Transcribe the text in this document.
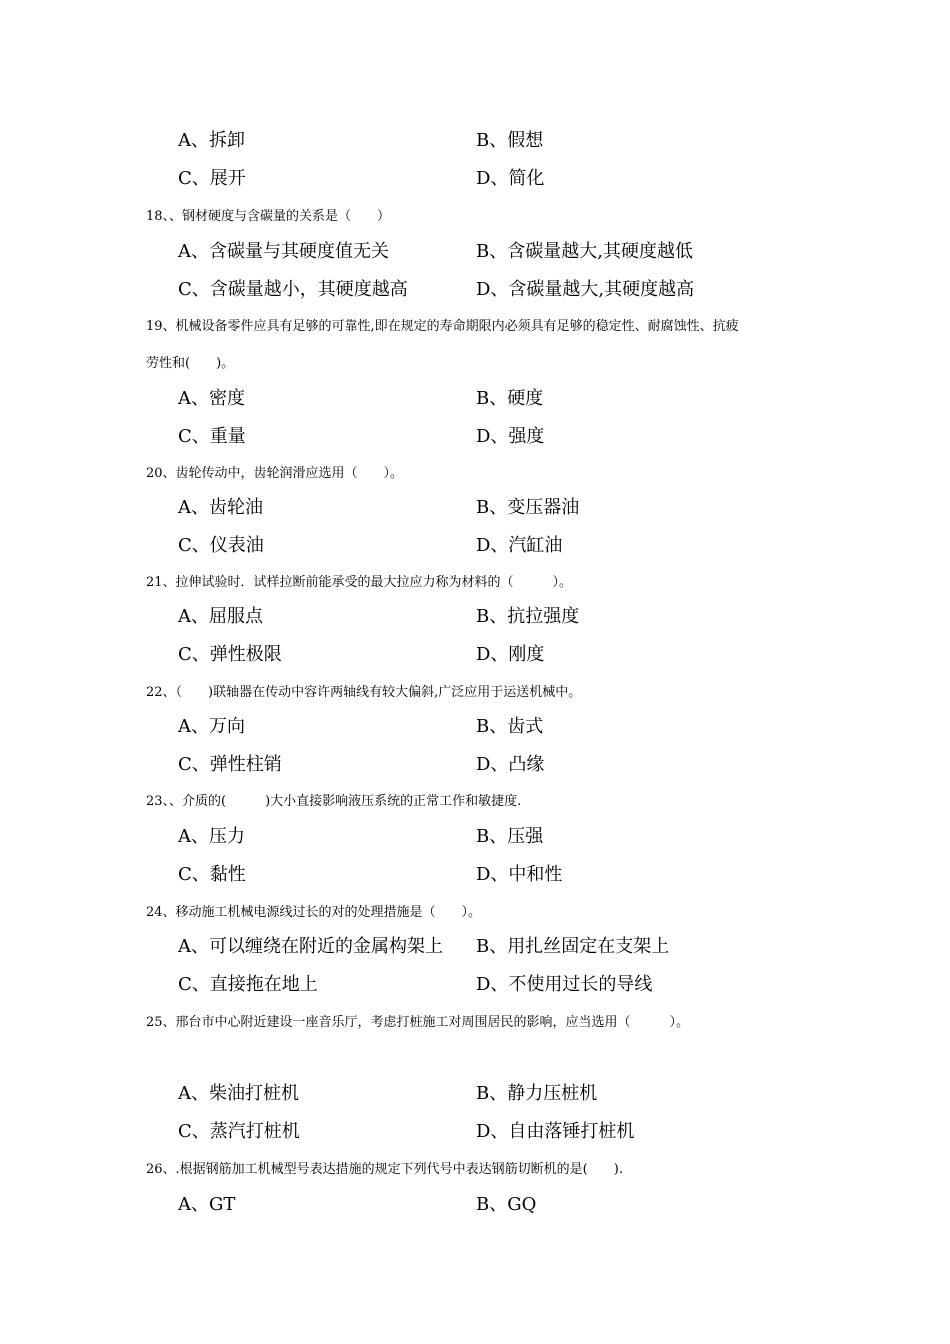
A、拆卸	B、假想
C、展开	D、简化
18、、钢材硬度与含碳量的关系是（　　）
A、含碳量与其硬度值无关	B、含碳量越大,其硬度越低
C、含碳量越小，其硬度越高	D、含碳量越大,其硬度越高
19、机械设备零件应具有足够的可靠性,即在规定的寿命期限内必须具有足够的稳定性、耐腐蚀性、抗疲
劳性和(　　)。
A、密度	B、硬度
C、重量	D、强度
20、齿轮传动中，齿轮润滑应选用（　　）。
A、齿轮油	B、变压器油
C、仪表油	D、汽缸油
21、拉伸试验时．试样拉断前能承受的最大拉应力称为材料的（　　　）。
A、屈服点	B、抗拉强度
C、弹性极限	D、刚度
22、（　　)联轴器在传动中容许两轴线有较大偏斜,广泛应用于运送机械中。
A、万向	B、齿式
C、弹性柱销	D、凸缘
23、、介质的(　　　)大小直接影响液压系统的正常工作和敏捷度.
A、压力	B、压强
C、黏性	D、中和性
24、移动施工机械电源线过长的对的处理措施是（　　）。
A、可以缠绕在附近的金属构架上 B、用扎丝固定在支架上
C、直接拖在地上	D、不使用过长的导线
25、邢台市中心附近建设一座音乐厅，考虑打桩施工对周围居民的影响，应当选用（　　　）。
A、柴油打桩机	B、静力压桩机
C、蒸汽打桩机	D、自由落锤打桩机
26、.根据钢筋加工机械型号表达措施的规定下列代号中表达钢筋切断机的是(　　).
A、GT	B、GQ
